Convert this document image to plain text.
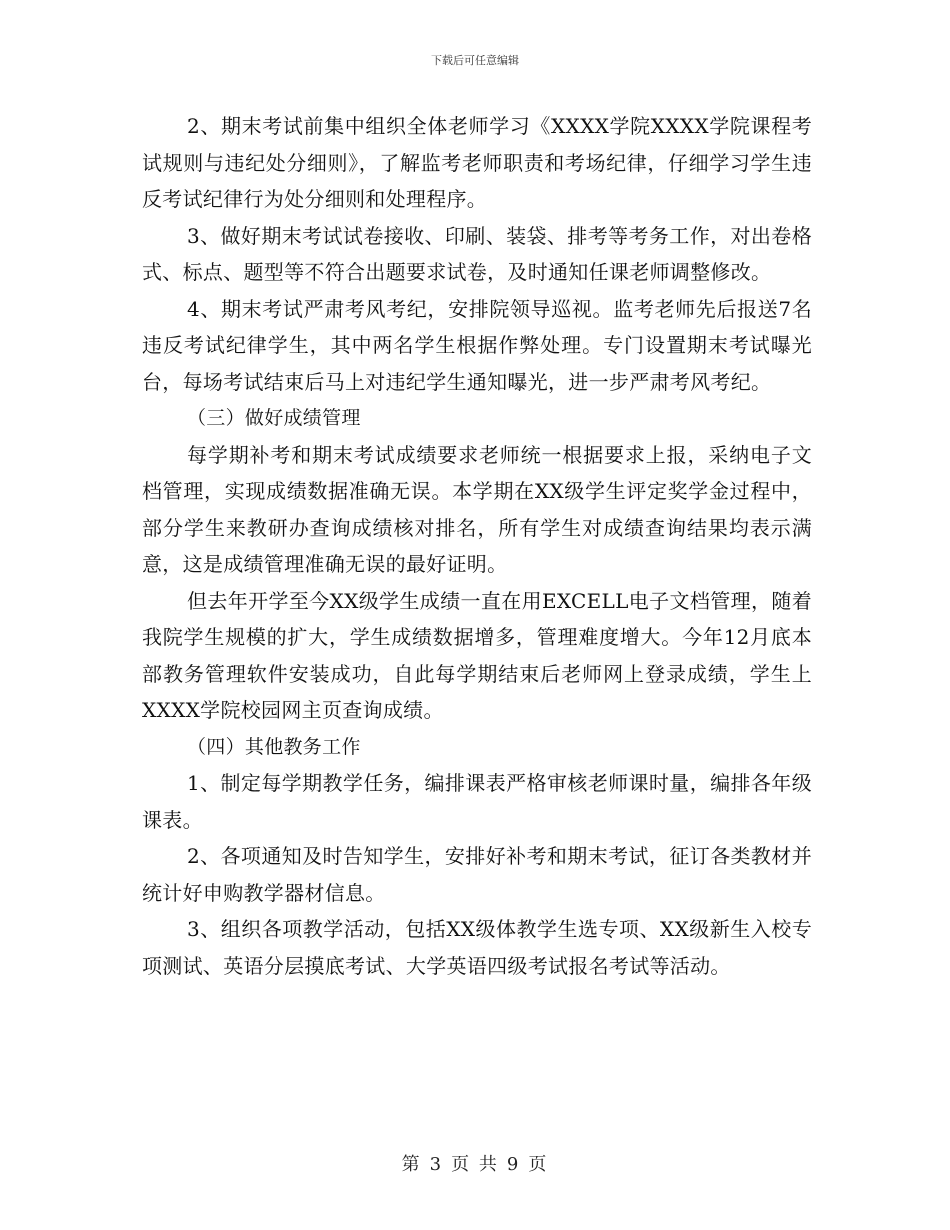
下载后可任意编辑

2、期末考试前集中组织全体老师学习《XXXX学院XXXX学院课程考试规则与违纪处分细则》，了解监考老师职责和考场纪律，仔细学习学生违反考试纪律行为处分细则和处理程序。

3、做好期末考试试卷接收、印刷、装袋、排考等考务工作，对出卷格式、标点、题型等不符合出题要求试卷，及时通知任课老师调整修改。

4、期末考试严肃考风考纪，安排院领导巡视。监考老师先后报送7名违反考试纪律学生，其中两名学生根据作弊处理。专门设置期末考试曝光台，每场考试结束后马上对违纪学生通知曝光，进一步严肃考风考纪。

（三）做好成绩管理

每学期补考和期末考试成绩要求老师统一根据要求上报，采纳电子文档管理，实现成绩数据准确无误。本学期在XX级学生评定奖学金过程中，部分学生来教研办查询成绩核对排名，所有学生对成绩查询结果均表示满意，这是成绩管理准确无误的最好证明。

但去年开学至今XX级学生成绩一直在用EXCELL电子文档管理，随着我院学生规模的扩大，学生成绩数据增多，管理难度增大。今年12月底本部教务管理软件安装成功，自此每学期结束后老师网上登录成绩，学生上XXXX学院校园网主页查询成绩。

（四）其他教务工作

1、制定每学期教学任务，编排课表严格审核老师课时量，编排各年级课表。

2、各项通知及时告知学生，安排好补考和期末考试，征订各类教材并统计好申购教学器材信息。

3、组织各项教学活动，包括XX级体教学生选专项、XX级新生入校专项测试、英语分层摸底考试、大学英语四级考试报名考试等活动。

第 3 页 共 9 页
